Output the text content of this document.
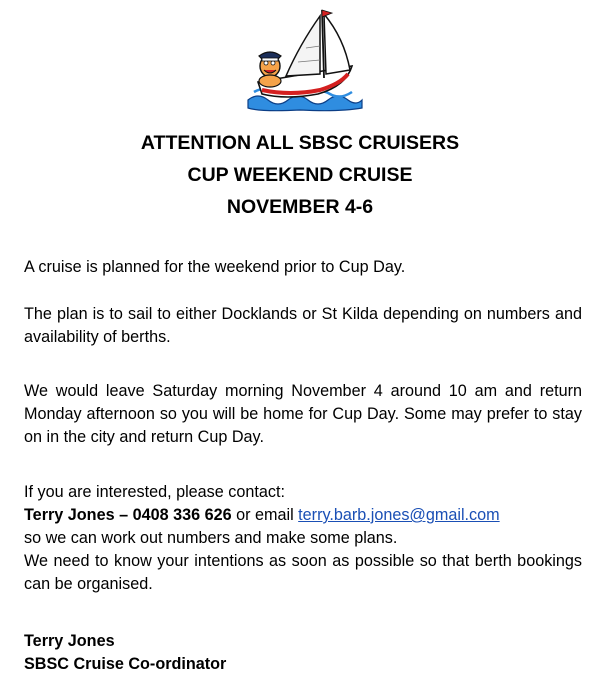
ATTENTION ALL SBSC CRUISERS
CUP WEEKEND CRUISE
NOVEMBER 4-6
A cruise is planned for the weekend prior to Cup Day.
The plan is to sail to either Docklands or St Kilda depending on numbers and availability of berths.
We would leave Saturday morning November 4 around 10 am and return Monday afternoon so you will be home for Cup Day. Some may prefer to stay on in the city and return Cup Day.
If you are interested, please contact:
Terry Jones – 0408 336 626 or email terry.barb.jones@gmail.com
so we can work out numbers and make some plans.
We need to know your intentions as soon as possible so that berth bookings can be organised.
Terry Jones
SBSC Cruise Co-ordinator
